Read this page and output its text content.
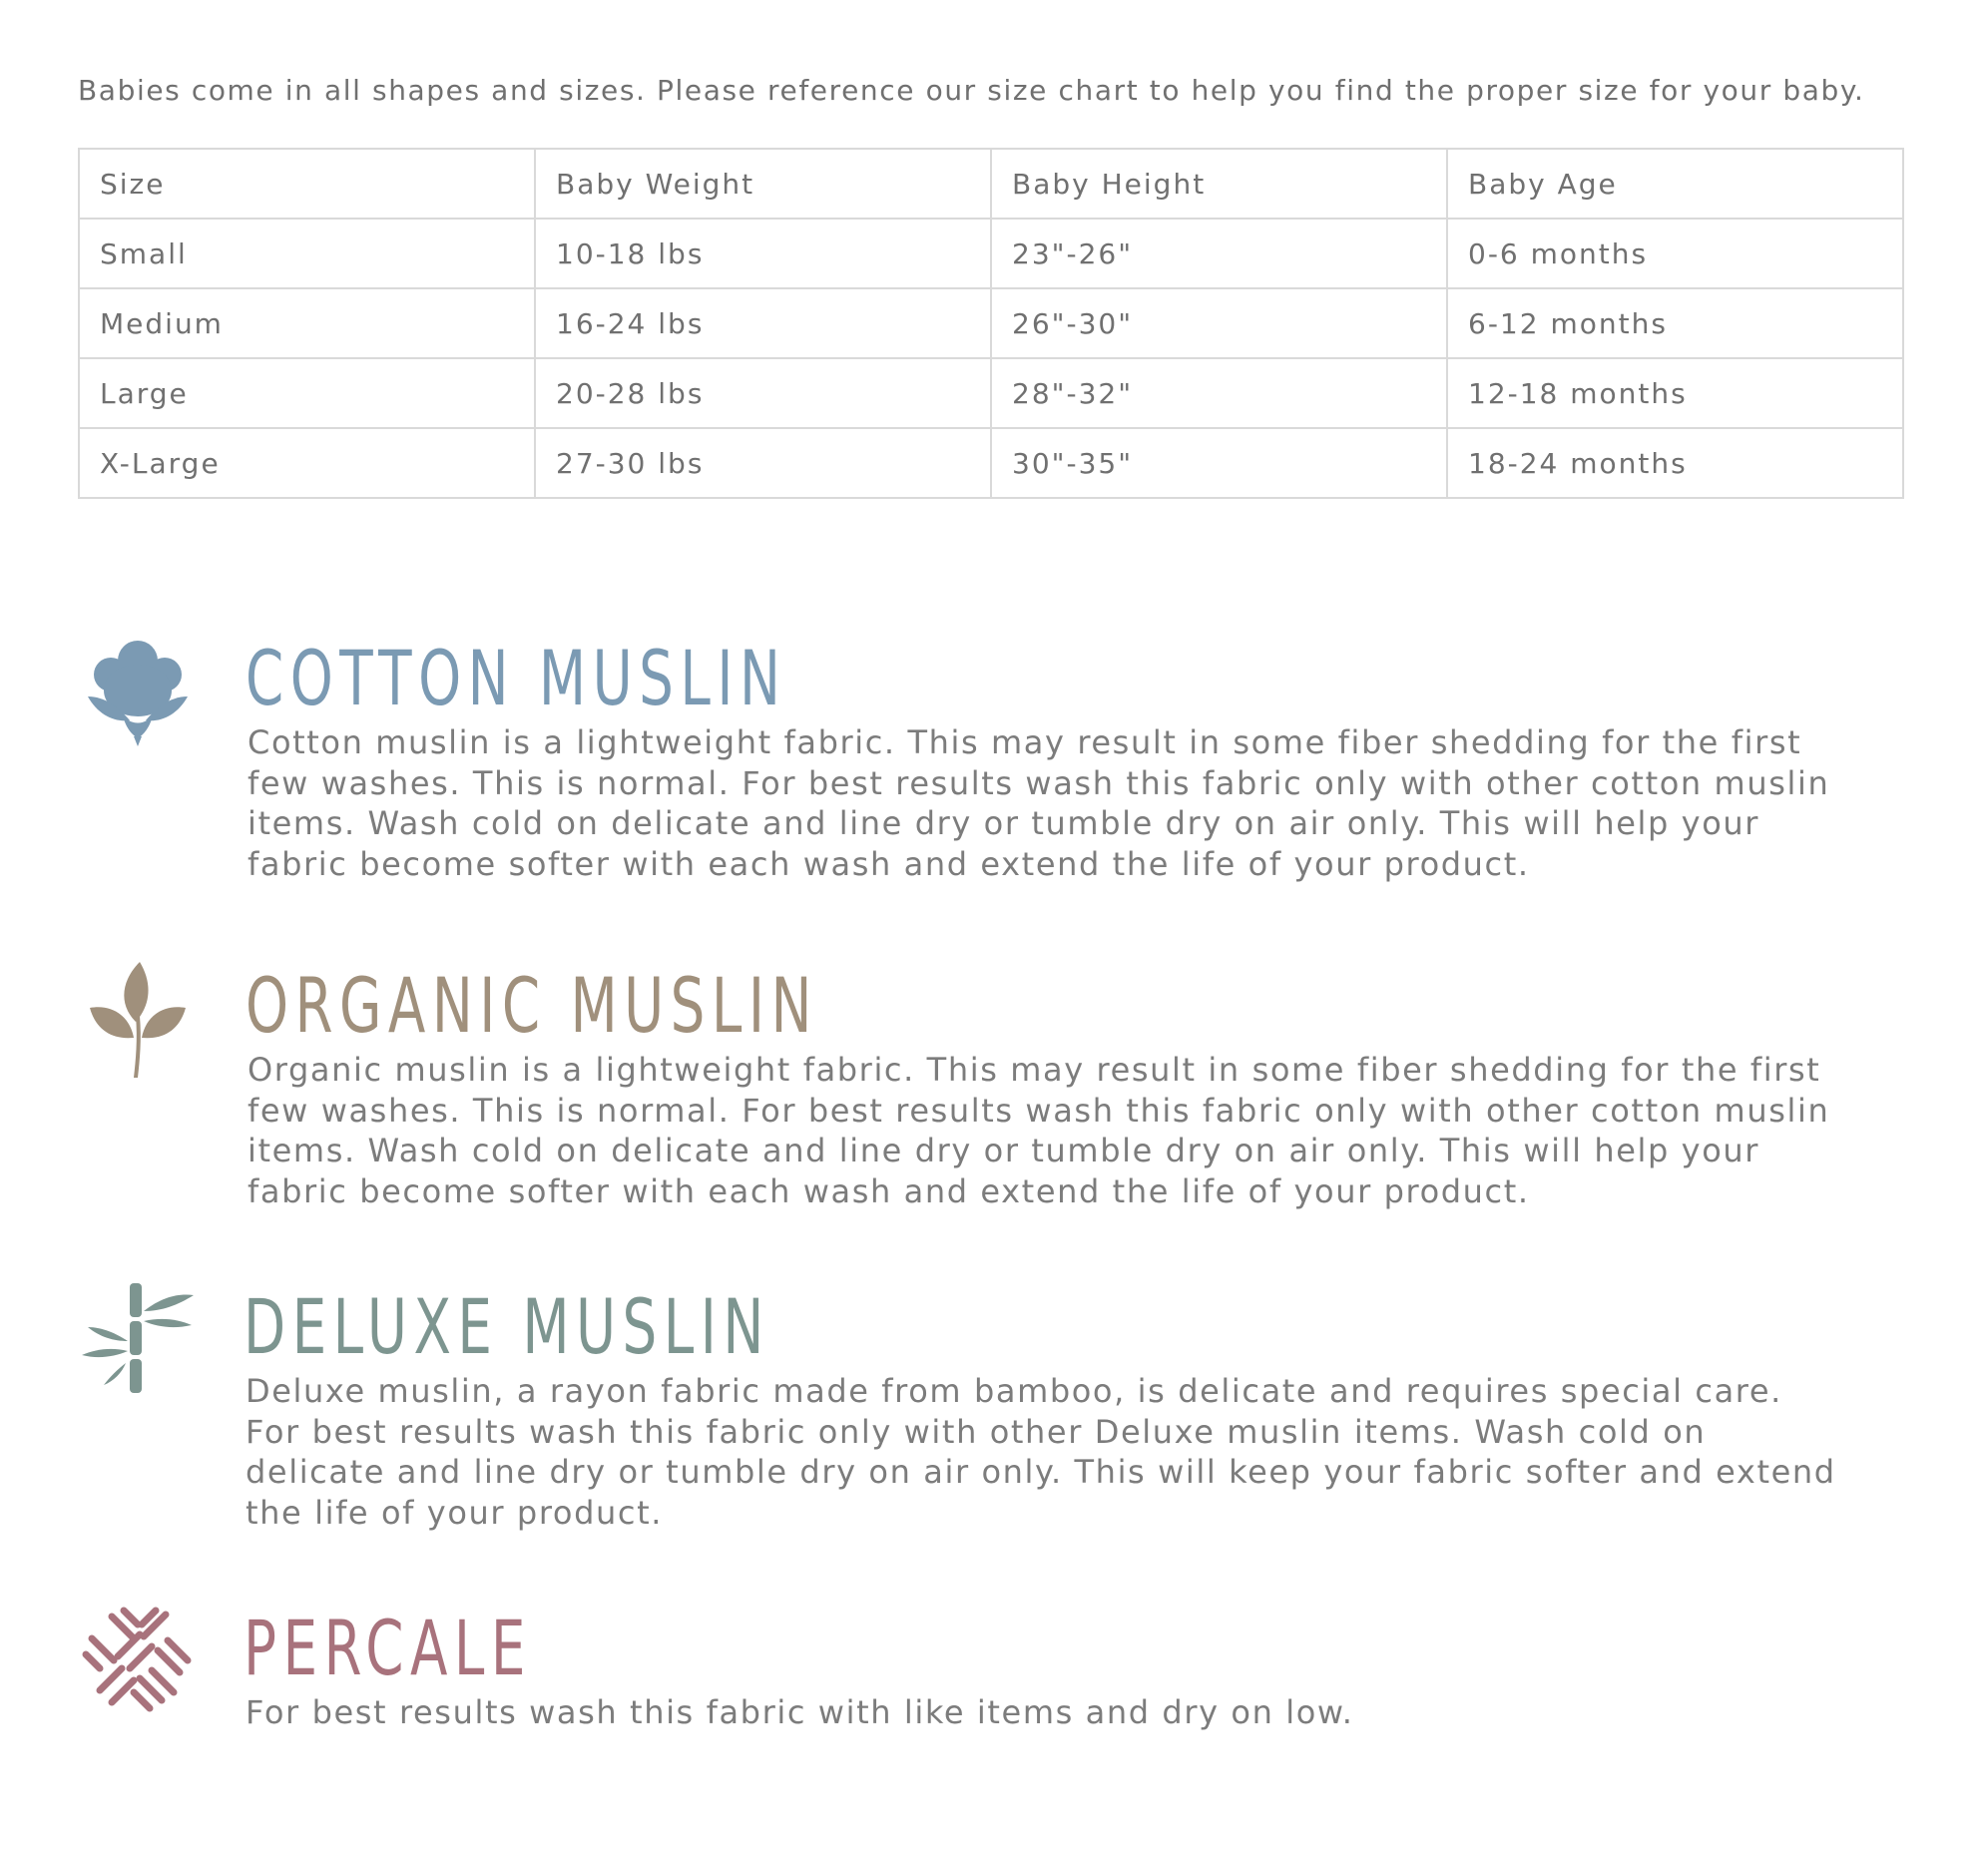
Babies come in all shapes and sizes. Please reference our size chart to help you find the proper size for your baby.

Size	Baby Weight	Baby Height	Baby Age
Small	10-18 lbs	23"-26"	0-6 months
Medium	16-24 lbs	26"-30"	6-12 months
Large	20-28 lbs	28"-32"	12-18 months
X-Large	27-30 lbs	30"-35"	18-24 months
COTTON MUSLIN

Cotton muslin is a lightweight fabric. This may result in some fiber shedding for the first few washes. This is normal. For best results wash this fabric only with other cotton muslin items. Wash cold on delicate and line dry or tumble dry on air only. This will help your fabric become softer with each wash and extend the life of your product.

ORGANIC MUSLIN

Organic muslin is a lightweight fabric. This may result in some fiber shedding for the first few washes. This is normal. For best results wash this fabric only with other cotton muslin items. Wash cold on delicate and line dry or tumble dry on air only. This will help your fabric become softer with each wash and extend the life of your product.

DELUXE MUSLIN

Deluxe muslin, a rayon fabric made from bamboo, is delicate and requires special care. For best results wash this fabric only with other Deluxe muslin items. Wash cold on delicate and line dry or tumble dry on air only. This will keep your fabric softer and extend the life of your product.

PERCALE

For best results wash this fabric with like items and dry on low.
